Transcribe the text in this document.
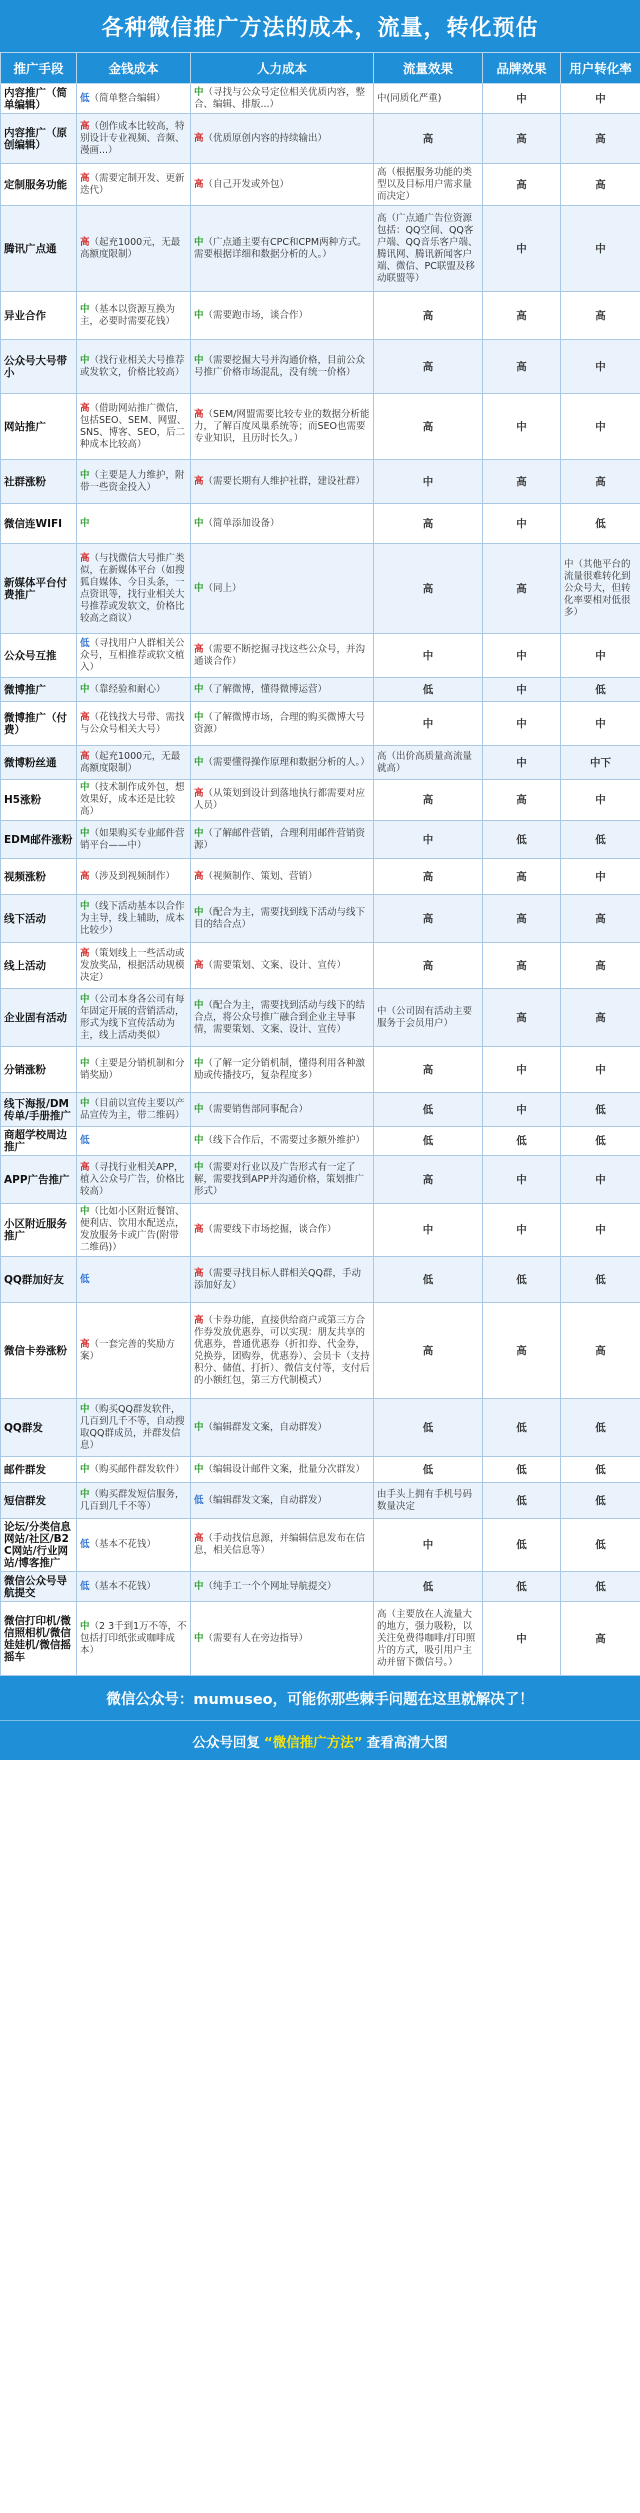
各种微信推广方法的成本，流量，转化预估
推广手段	金钱成本	人力成本	流量效果	品牌效果	用户转化率
内容推广（简单编辑）	低（简单整合编辑）	中（寻找与公众号定位相关优质内容，整合、编辑、排版...）	中(同质化严重)	中	中
内容推广（原创编辑）	高（创作成本比较高，特别设计专业视频、音频、漫画...）	高（优质原创内容的持续输出）	高	高	高
定制服务功能	高（需要定制开发、更新迭代）	高（自己开发或外包）	高（根据服务功能的类型以及目标用户需求量而决定）	高	高
腾讯广点通	高（起充1000元，无最高额度限制）	中（广点通主要有CPC和CPM两种方式。需要根据详细和数据分析的人。）	高（广点通广告位资源包括：QQ空间、QQ客户端、QQ音乐客户端、腾讯网、腾讯新闻客户端、微信、PC联盟及移动联盟等）	中	中
异业合作	中（基本以资源互换为主，必要时需要花钱）	中（需要跑市场，谈合作）	高	高	高
公众号大号带小	中（找行业相关大号推荐或发软文，价格比较高）	中（需要挖掘大号并沟通价格，目前公众号推广价格市场混乱，没有统一价格）	高	高	中
网站推广	高（借助网站推广微信，包括SEO、SEM、网盟、SNS、博客、SEO，后二种成本比较高）	高（SEM/网盟需要比较专业的数据分析能力，了解百度凤巢系统等；而SEO也需要专业知识，且历时长久。）	高	中	中
社群涨粉	中（主要是人力维护，附带一些资金投入）	高（需要长期有人维护社群，建设社群）	中	高	高
微信连WIFI	中	中（简单添加设备）	高	中	低
新媒体平台付费推广	高（与找微信大号推广类似，在新媒体平台（如搜狐自媒体、今日头条，一点资讯等，找行业相关大号推荐或发软文，价格比较高之商议）	中（同上）	高	高	中（其他平台的流量很难转化到公众号大，但转化率要相对低很多）
公众号互推	低（寻找用户人群相关公众号，互相推荐或软文植入）	高（需要不断挖掘寻找这些公众号，并沟通谈合作）	中	中	中
微博推广	中（靠经验和耐心）	中（了解微博，懂得微博运营）	低	中	低
微博推广（付费）	高（花钱找大号带、需找与公众号相关大号）	中（了解微博市场，合理的购买微博大号资源）	中	中	中
微博粉丝通	高（起充1000元，无最高额度限制）	中（需要懂得操作原理和数据分析的人。）	高（出价高质量高流量就高）	中	中下
H5涨粉	中（技术制作成外包，想效果好，成本还是比较高）	高（从策划到设计到落地执行都需要对应人员）	高	高	中
EDM邮件涨粉	中（如果购买专业邮件营销平台——中）	中（了解邮件营销，合理利用邮件营销资源）	中	低	低
视频涨粉	高（涉及到视频制作）	高（视频制作、策划、营销）	高	高	中
线下活动	中（线下活动基本以合作为主导，线上辅助，成本比较少）	中（配合为主，需要找到线下活动与线下目的结合点）	高	高	高
线上活动	高（策划线上一些活动或发放奖品，根据活动规模决定）	高（需要策划、文案、设计、宣传）	高	高	高
企业固有活动	中（公司本身各公司有每年固定开展的营销活动，形式为线下宣传活动为主，线上活动类似）	中（配合为主，需要找到活动与线下的结合点，将公众号推广融合到企业主导事情，需要策划、文案、设计、宣传）	中（公司固有活动主要服务于会员用户）	高	高
分销涨粉	中（主要是分销机制和分销奖励）	中（了解一定分销机制，懂得利用各种激励或传播技巧，复杂程度多）	高	中	中
线下海报/DM传单/手册推广	中（目前以宣传主要以产品宣传为主，带二维码）	中（需要销售部同事配合）	低	中	低
商超学校周边推广	低	中（线下合作后，不需要过多额外维护）	低	低	低
APP广告推广	高（寻找行业相关APP，植入公众号广告，价格比较高）	中（需要对行业以及广告形式有一定了解，需要找到APP并沟通价格，策划推广形式）	高	中	中
小区附近服务推广	中（比如小区附近餐馆、便利店、饮用水配送点，发放服务卡或广告(附带二维码)）	高（需要线下市场挖掘，谈合作）	中	中	中
QQ群加好友	低	高（需要寻找目标人群相关QQ群，手动添加好友）	低	低	低
微信卡券涨粉	高（一套完善的奖励方案）	高（卡券功能，直接供给商户或第三方合作券发放优惠券，可以实现：朋友共享的优惠券，普通优惠券（折扣券、代金券，兑换券，团购券，优惠券）、会员卡（支持积分、储值、打折）、微信支付等，支付后的小额红包，第三方代制模式）	高	高	高
QQ群发	中（购买QQ群发软件，几百到几千不等，自动搜取QQ群成员，并群发信息）	中（编辑群发文案，自动群发）	低	低	低
邮件群发	中（购买邮件群发软件）	中（编辑设计邮件文案，批量分次群发）	低	低	低
短信群发	中（购买群发短信服务，几百到几千不等）	低（编辑群发文案，自动群发）	由手头上拥有手机号码数量决定	低	低
论坛/分类信息网站/社区/B2C网站/行业网站/博客推广	低（基本不花钱）	高（手动找信息源，并编辑信息发布在信息，相关信息等）	中	低	低
微信公众号导航提交	低（基本不花钱）	中（纯手工一个个网址导航提交）	低	低	低
微信打印机/微信照相机/微信娃娃机/微信摇摇车	中（2 3千到1万不等，不包括打印纸张或咖啡成本）	中（需要有人在旁边指导）	高（主要放在人流量大的地方，强力吸粉，以关注免费得咖啡/打印照片的方式，吸引用户主动并留下微信号。）	中	高
微信公众号：mumuseo，可能你那些棘手问题在这里就解决了！
公众号回复 “微信推广方法” 查看高清大图
